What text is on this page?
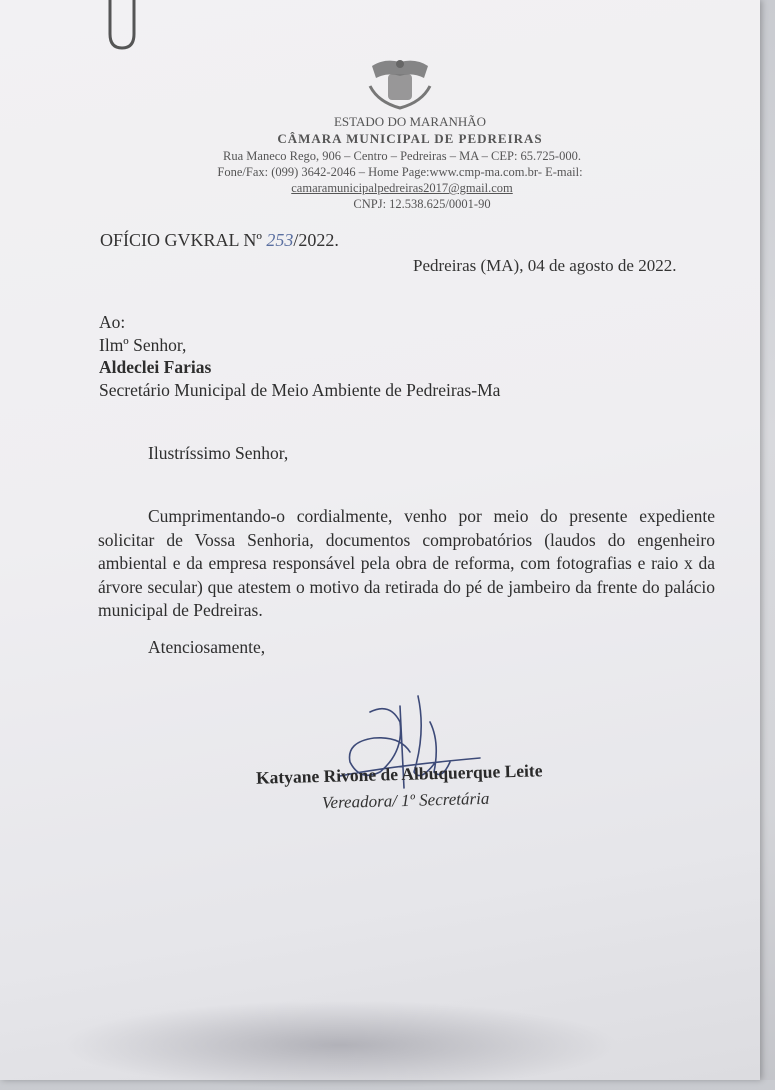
ESTADO DO MARANHÃO
CÂMARA MUNICIPAL DE PEDREIRAS
Rua Maneco Rego, 906 – Centro – Pedreiras – MA – CEP: 65.725-000.
Fone/Fax: (099) 3642-2046 – Home Page:www.cmp-ma.com.br- E-mail:
camaramunicipalpedreiras2017@gmail.com
CNPJ: 12.538.625/0001-90
OFÍCIO GVKRAL Nº 253/2022.
Pedreiras (MA), 04 de agosto de 2022.
Ao:
Ilmº Senhor,
Aldeclei Farias
Secretário Municipal de Meio Ambiente de Pedreiras-Ma
Ilustríssimo Senhor,
Cumprimentando-o cordialmente, venho por meio do presente expediente solicitar de Vossa Senhoria, documentos comprobatórios (laudos do engenheiro ambiental e da empresa responsável pela obra de reforma, com fotografias e raio x da árvore secular) que atestem o motivo da retirada do pé de jambeiro da frente do palácio municipal de Pedreiras.
Atenciosamente,
Katyane Rivone de Albuquerque Leite
Vereadora/ 1º Secretária
